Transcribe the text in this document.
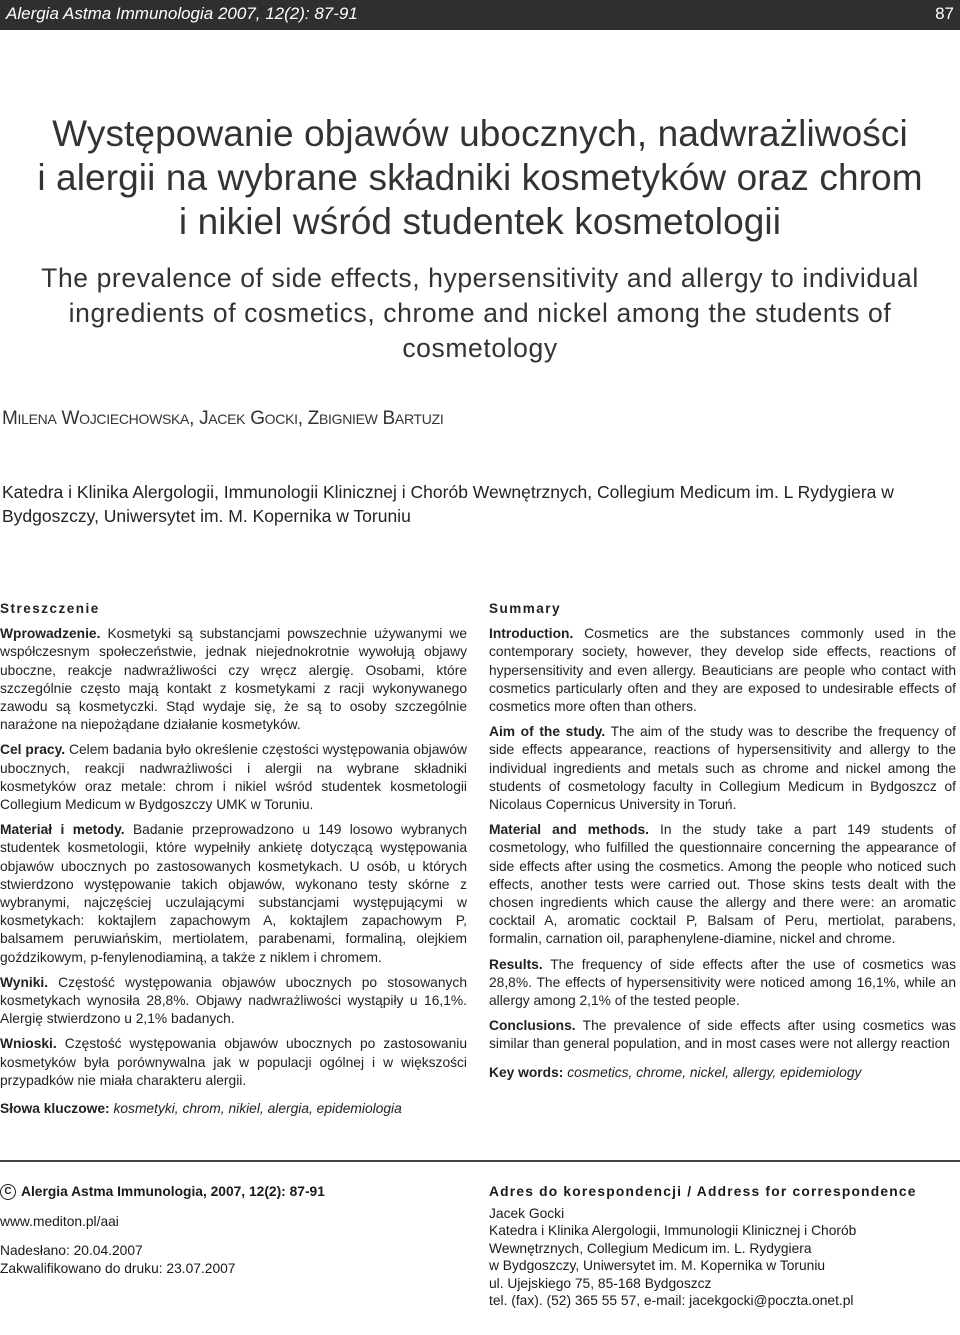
Alergia Astma Immunologia 2007, 12(2): 87-91	87
Występowanie objawów ubocznych, nadwrażliwości
i alergii na wybrane składniki kosmetyków oraz chrom
i nikiel wśród studentek kosmetologii
The prevalence of side effects, hypersensitivity and allergy to individual
ingredients of cosmetics, chrome and nickel among the students of
cosmetology
MILENA WOJCIECHOWSKA, JACEK GOCKI, ZBIGNIEW BARTUZI
Katedra i Klinika Alergologii, Immunologii Klinicznej i Chorób Wewnętrznych, Collegium Medicum im. L Rydygiera w Bydgoszczy, Uniwersytet im. M. Kopernika w Toruniu
Streszczenie

Wprowadzenie. Kosmetyki są substancjami powszechnie używanymi we współczesnym społeczeństwie, jednak niejednokrotnie wywołują objawy uboczne, reakcje nadwrażliwości czy wręcz alergię. Osobami, które szczególnie często mają kontakt z kosmetykami z racji wykonywanego zawodu są kosmetyczki. Stąd wydaje się, że są to osoby szczególnie narażone na niepożądane działanie kosmetyków.

Cel pracy. Celem badania było określenie częstości występowania objawów ubocznych, reakcji nadwrażliwości i alergii na wybrane składniki kosmetyków oraz metale: chrom i nikiel wśród studentek kosmetologii Collegium Medicum w Bydgoszczy UMK w Toruniu.

Materiał i metody. Badanie przeprowadzono u 149 losowo wybranych studentek kosmetologii, które wypełniły ankietę dotyczącą występowania objawów ubocznych po zastosowanych kosmetykach. U osób, u których stwierdzono występowanie takich objawów, wykonano testy skórne z wybranymi, najczęściej uczulającymi substancjami występującymi w kosmetykach: koktajlem zapachowym A, koktajlem zapachowym P, balsamem peruwiańskim, mertiolatem, parabenami, formaliną, olejkiem goździkowym, p-fenylenodiaminą, a także z niklem i chromem.

Wyniki. Częstość występowania objawów ubocznych po stosowanych kosmetykach wynosiła 28,8%. Objawy nadwrażliwości wystąpiły u 16,1%. Alergię stwierdzono u 2,1% badanych.

Wnioski. Częstość występowania objawów ubocznych po zastosowaniu kosmetyków była porównywalna jak w populacji ogólnej i w większości przypadków nie miała charakteru alergii.

Słowa kluczowe: kosmetyki, chrom, nikiel, alergia, epidemiologia

Summary

Introduction. Cosmetics are the substances commonly used in the contemporary society, however, they develop side effects, reactions of hypersensitivity and even allergy. Beauticians are people who contact with cosmetics particularly often and they are exposed to undesirable effects of cosmetics more often than others.

Aim of the study. The aim of the study was to describe the frequency of side effects appearance, reactions of hypersensitivity and allergy to the individual ingredients and metals such as chrome and nickel among the students of cosmetology faculty in Collegium Medicum in Bydgoszcz of Nicolaus Copernicus University in Toruń.

Material and methods. In the study take a part 149 students of cosmetology, who fulfilled the questionnaire concerning the appearance of side effects after using the cosmetics. Among the people who noticed such effects, another tests were carried out. Those skins tests dealt with the chosen ingredients which cause the allergy and there were: an aromatic cocktail A, aromatic cocktail P, Balsam of Peru, mertiolat, parabens, formalin, carnation oil, paraphenylene-diamine, nickel and chrome.

Results. The frequency of side effects after the use of cosmetics was 28,8%. The effects of hypersensitivity were noticed among 16,1%, while an allergy among 2,1% of the tested people.

Conclusions. The prevalence of side effects after using cosmetics was similar than general population, and in most cases were not allergy reaction

Key words: cosmetics, chrome, nickel, allergy, epidemiology

C Alergia Astma Immunologia, 2007, 12(2): 87-91
www.mediton.pl/aai
Nadesłano: 20.04.2007
Zakwalifikowano do druku: 23.07.2007
Adres do korespondencji / Address for correspondence
Jacek Gocki
Katedra i Klinika Alergologii, Immunologii Klinicznej i Chorób
Wewnętrznych, Collegium Medicum im. L. Rydygiera
w Bydgoszczy, Uniwersytet im. M. Kopernika w Toruniu
ul. Ujejskiego 75, 85-168 Bydgoszcz
tel. (fax). (52) 365 55 57, e-mail: jacekgocki@poczta.onet.pl
